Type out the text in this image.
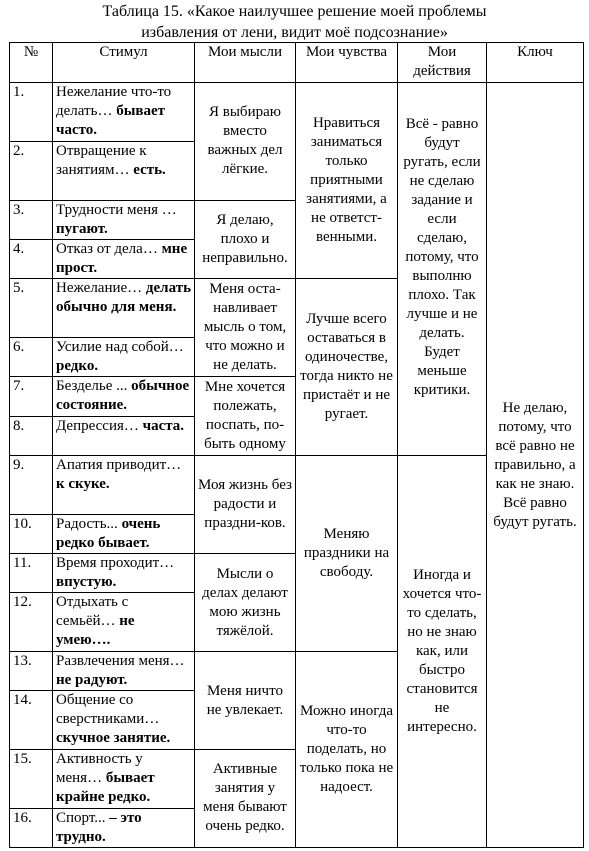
Таблица 15. «Какое наилучшее решение моей проблемы
избавления от лени, видит моё подсознание»
№	Стимул	Мои мысли	Мои чувства	Мои действия	Ключ
1.	Нежелание что-то делать… бывает часто.	Я выбираю вместо важных дел лёгкие.	Нравиться заниматься только приятными занятиями, а не ответст-венными.	Всё - равно будут ругать, если не сделаю задание и если сделаю, потому, что выполню плохо. Так лучше и не делать. Будет меньше критики.	Не делаю, потому, что всё равно не правильно, а как не знаю. Всё равно будут ругать.
2.	Отвращение к занятиям… есть.				
3.	Трудности меня … пугают.	Я делаю, плохо и неправильно.			
4.	Отказ от дела… мне прост.				
5.	Нежелание… делать обычно для меня.	Меня оста-навливает мысль о том, что можно и не делать.	Лучше всего оставаться в одиночестве, тогда никто не пристаёт и не ругает.		
6.	Усилие над собой… редко.				
7.	Безделье ... обычное состояние.	Мне хочется полежать, поспать, по-быть одному			
8.	Депрессия… часта.				
9.	Апатия приводит… к скуке.	Моя жизнь без радости и праздни-ков.	Меняю праздники на свободу.	Иногда и хочется что-то сделать, но не знаю как, или быстро становится не интересно.	
10.	Радость... очень редко бывает.				
11.	Время проходит… впустую.	Мысли о делах делают мою жизнь тяжёлой.			
12.	Отдыхать с семьёй… не умею….				
13.	Развлечения меня… не радуют.	Меня ничто не увлекает.	Можно иногда что-то поделать, но только пока не надоест.		
14.	Общение со сверстниками… скучное занятие.				
15.	Активность у меня… бывает крайне редко.	Активные занятия у меня бывают очень редко.			
16.	Спорт... – это трудно.				
